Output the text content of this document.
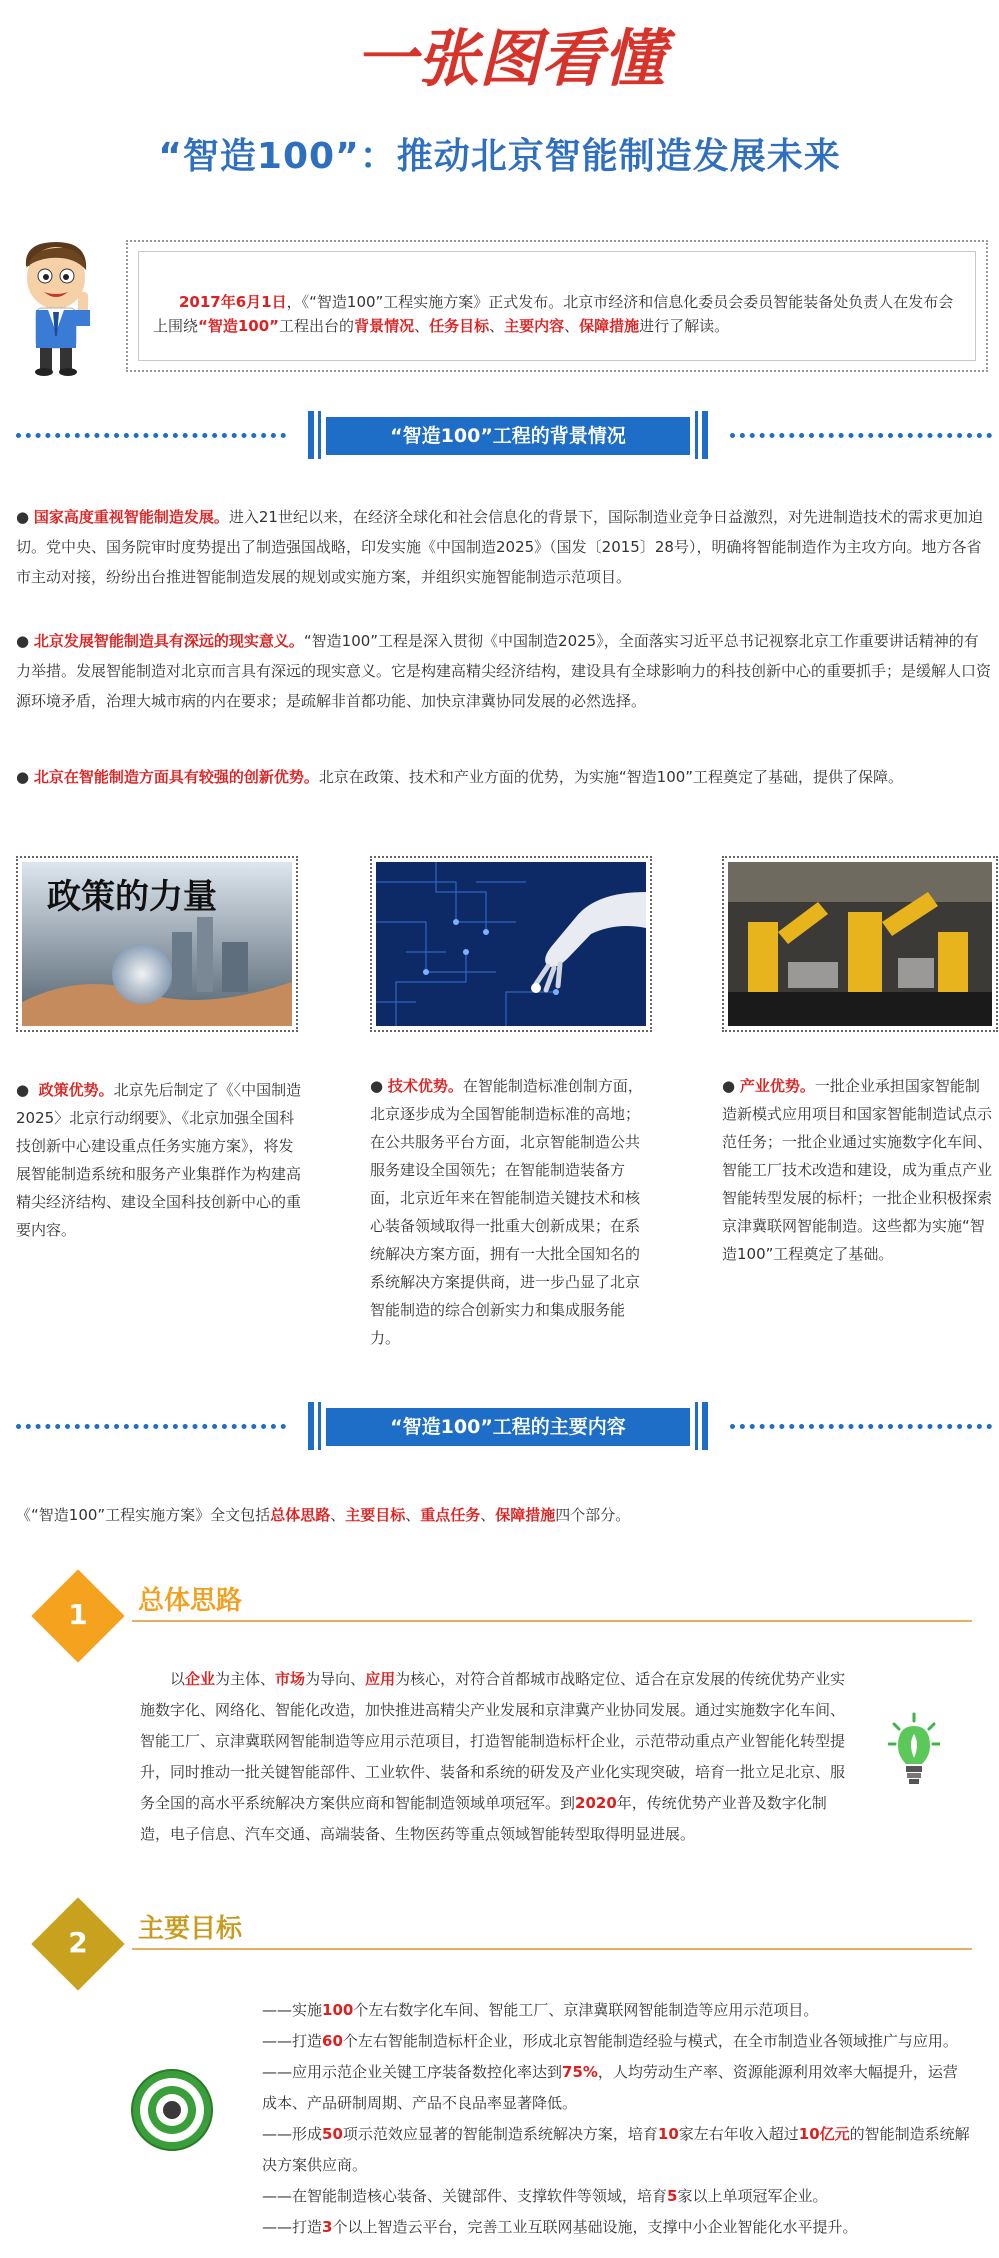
一张图看懂
“智造100”：推动北京智能制造发展未来
2017年6月1日，《“智造100”工程实施方案》正式发布。北京市经济和信息化委员会委员智能装备处负责人在发布会上围绕“智造100”工程出台的背景情况、任务目标、主要内容、保障措施进行了解读。
“智造100”工程的背景情况
● 国家高度重视智能制造发展。进入21世纪以来，在经济全球化和社会信息化的背景下，国际制造业竞争日益激烈，对先进制造技术的需求更加迫切。党中央、国务院审时度势提出了制造强国战略，印发实施《中国制造2025》（国发〔2015〕28号），明确将智能制造作为主攻方向。地方各省市主动对接，纷纷出台推进智能制造发展的规划或实施方案，并组织实施智能制造示范项目。
● 北京发展智能制造具有深远的现实意义。“智造100”工程是深入贯彻《中国制造2025》，全面落实习近平总书记视察北京工作重要讲话精神的有力举措。发展智能制造对北京而言具有深远的现实意义。它是构建高精尖经济结构，建设具有全球影响力的科技创新中心的重要抓手；是缓解人口资源环境矛盾，治理大城市病的内在要求；是疏解非首都功能、加快京津冀协同发展的必然选择。
● 北京在智能制造方面具有较强的创新优势。北京在政策、技术和产业方面的优势，为实施“智造100”工程奠定了基础，提供了保障。
政策的力量
●  政策优势。北京先后制定了《〈中国制造2025〉北京行动纲要》、《北京加强全国科技创新中心建设重点任务实施方案》，将发展智能制造系统和服务产业集群作为构建高精尖经济结构、建设全国科技创新中心的重要内容。
● 技术优势。在智能制造标准创制方面，北京逐步成为全国智能制造标准的高地；在公共服务平台方面，北京智能制造公共服务建设全国领先；在智能制造装备方面，北京近年来在智能制造关键技术和核心装备领域取得一批重大创新成果；在系统解决方案方面，拥有一大批全国知名的系统解决方案提供商，进一步凸显了北京智能制造的综合创新实力和集成服务能力。
● 产业优势。一批企业承担国家智能制造新模式应用项目和国家智能制造试点示范任务；一批企业通过实施数字化车间、智能工厂技术改造和建设，成为重点产业智能转型发展的标杆；一批企业积极探索京津冀联网智能制造。这些都为实施“智造100”工程奠定了基础。
“智造100”工程的主要内容
《“智造100”工程实施方案》全文包括总体思路、主要目标、重点任务、保障措施四个部分。
1	总体思路
以企业为主体、市场为导向、应用为核心，对符合首都城市战略定位、适合在京发展的传统优势产业实施数字化、网络化、智能化改造，加快推进高精尖产业发展和京津冀产业协同发展。通过实施数字化车间、智能工厂、京津冀联网智能制造等应用示范项目，打造智能制造标杆企业，示范带动重点产业智能化转型提升，同时推动一批关键智能部件、工业软件、装备和系统的研发及产业化实现突破，培育一批立足北京、服务全国的高水平系统解决方案供应商和智能制造领域单项冠军。到2020年，传统优势产业普及数字化制造，电子信息、汽车交通、高端装备、生物医药等重点领域智能转型取得明显进展。
2	主要目标
——实施100个左右数字化车间、智能工厂、京津冀联网智能制造等应用示范项目。
——打造60个左右智能制造标杆企业，形成北京智能制造经验与模式，在全市制造业各领域推广与应用。
——应用示范企业关键工序装备数控化率达到75%，人均劳动生产率、资源能源利用效率大幅提升，运营成本、产品研制周期、产品不良品率显著降低。
——形成50项示范效应显著的智能制造系统解决方案，培育10家左右年收入超过10亿元的智能制造系统解决方案供应商。
——在智能制造核心装备、关键部件、支撑软件等领域，培育5家以上单项冠军企业。
——打造3个以上智造云平台，完善工业互联网基础设施，支撑中小企业智能化水平提升。
